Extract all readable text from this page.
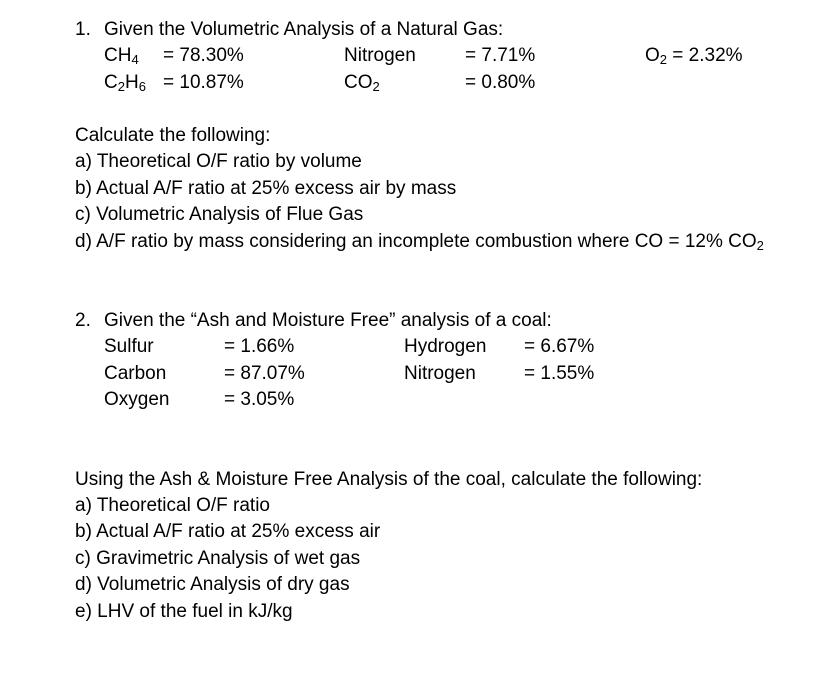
1. Given the Volumetric Analysis of a Natural Gas:
CH4 = 78.30%	Nitrogen	= 7.71%	O2 = 2.32%
C2H6 = 10.87%	CO2	= 0.80%
Calculate the following:
a) Theoretical O/F ratio by volume
b) Actual A/F ratio at 25% excess air by mass
c) Volumetric Analysis of Flue Gas
d) A/F ratio by mass considering an incomplete combustion where CO = 12% CO2
2. Given the “Ash and Moisture Free” analysis of a coal:
Sulfur	= 1.66%	Hydrogen = 6.67%
Carbon	= 87.07%	Nitrogen	= 1.55%
Oxygen	= 3.05%
Using the Ash & Moisture Free Analysis of the coal, calculate the following:
a) Theoretical O/F ratio
b) Actual A/F ratio at 25% excess air
c) Gravimetric Analysis of wet gas
d) Volumetric Analysis of dry gas
e) LHV of the fuel in kJ/kg
